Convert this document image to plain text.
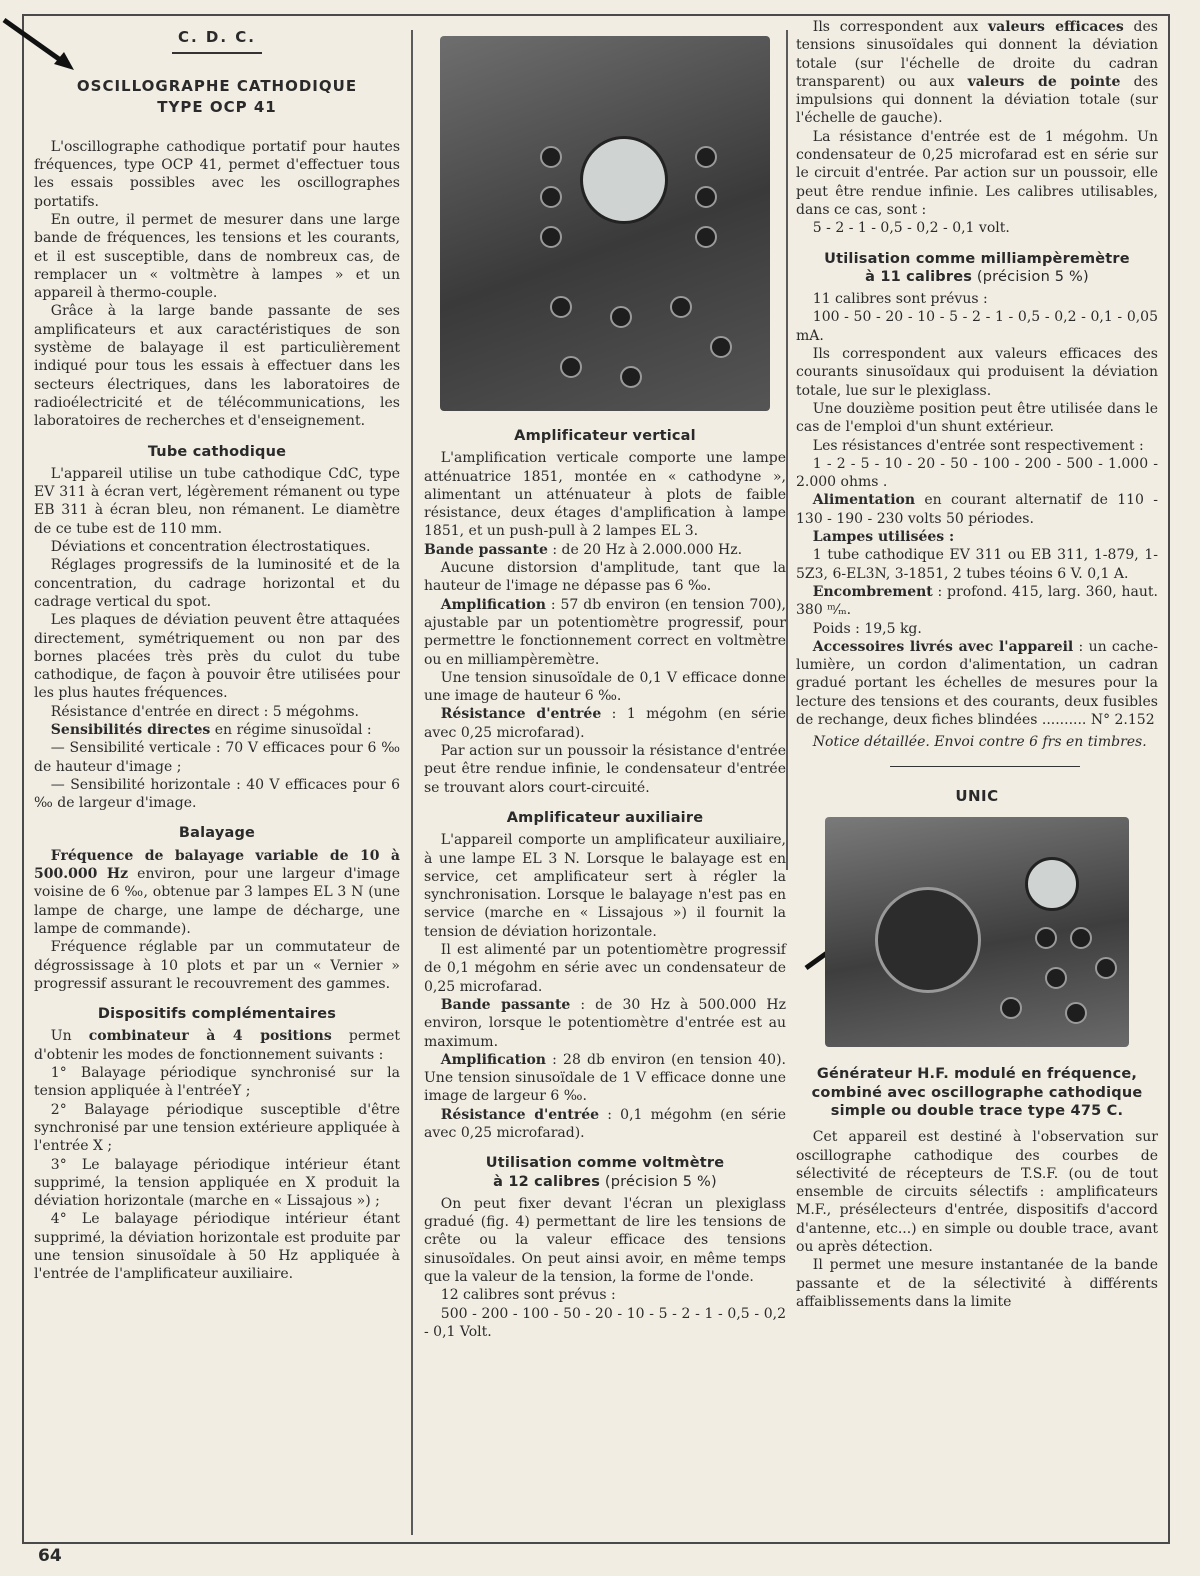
C. D. C.
OSCILLOGRAPHE CATHODIQUE
TYPE OCP 41

L'oscillographe cathodique portatif pour hautes fréquences, type OCP 41, permet d'effectuer tous les essais possibles avec les oscillographes portatifs.

En outre, il permet de mesurer dans une large bande de fréquences, les tensions et les courants, et il est susceptible, dans de nombreux cas, de remplacer un « voltmètre à lampes » et un appareil à thermo-couple.

Grâce à la large bande passante de ses amplificateurs et aux caractéristiques de son système de balayage il est particulièrement indiqué pour tous les essais à effectuer dans les secteurs électriques, dans les laboratoires de radioélectricité et de télécommunications, les laboratoires de recherches et d'enseignement.

Tube cathodique

L'appareil utilise un tube cathodique CdC, type EV 311 à écran vert, légèrement rémanent ou type EB 311 à écran bleu, non rémanent. Le diamètre de ce tube est de 110 mm.

Déviations et concentration électrostatiques.

Réglages progressifs de la luminosité et de la concentration, du cadrage horizontal et du cadrage vertical du spot.

Les plaques de déviation peuvent être attaquées directement, symétriquement ou non par des bornes placées très près du culot du tube cathodique, de façon à pouvoir être utilisées pour les plus hautes fréquences.

Résistance d'entrée en direct : 5 mégohms.

Sensibilités directes en régime sinusoïdal :

— Sensibilité verticale : 70 V efficaces pour 6 ‰ de hauteur d'image ;

— Sensibilité horizontale : 40 V efficaces pour 6 ‰ de largeur d'image.

Balayage

Fréquence de balayage variable de 10 à 500.000 Hz environ, pour une largeur d'image voisine de 6 ‰, obtenue par 3 lampes EL 3 N (une lampe de charge, une lampe de décharge, une lampe de commande).

Fréquence réglable par un commutateur de dégrossissage à 10 plots et par un « Vernier » progressif assurant le recouvrement des gammes.

Dispositifs complémentaires

Un combinateur à 4 positions permet d'obtenir les modes de fonctionnement suivants :

1° Balayage périodique synchronisé sur la tension appliquée à l'entréeY ;

2° Balayage périodique susceptible d'être synchronisé par une tension extérieure appliquée à l'entrée X ;

3° Le balayage périodique intérieur étant supprimé, la tension appliquée en X produit la déviation horizontale (marche en « Lissajous ») ;

4° Le balayage périodique intérieur étant supprimé, la déviation horizontale est produite par une tension sinusoïdale à 50 Hz appliquée à l'entrée de l'amplificateur auxiliaire.

Amplificateur vertical

L'amplification verticale comporte une lampe atténuatrice 1851, montée en « cathodyne », alimentant un atténuateur à plots de faible résistance, deux étages d'amplification à lampe 1851, et un push-pull à 2 lampes EL 3.

Bande passante : de 20 Hz à 2.000.000 Hz.

Aucune distorsion d'amplitude, tant que la hauteur de l'image ne dépasse pas 6 ‰.

Amplification : 57 db environ (en tension 700), ajustable par un potentiomètre progressif, pour permettre le fonctionnement correct en voltmètre ou en milliampèremètre.

Une tension sinusoïdale de 0,1 V efficace donne une image de hauteur 6 ‰.

Résistance d'entrée : 1 mégohm (en série avec 0,25 microfarad).

Par action sur un poussoir la résistance d'entrée peut être rendue infinie, le condensateur d'entrée se trouvant alors court-circuité.

Amplificateur auxiliaire

L'appareil comporte un amplificateur auxiliaire, à une lampe EL 3 N. Lorsque le balayage est en service, cet amplificateur sert à régler la synchronisation. Lorsque le balayage n'est pas en service (marche en « Lissajous ») il fournit la tension de déviation horizontale.

Il est alimenté par un potentiomètre progressif de 0,1 mégohm en série avec un condensateur de 0,25 microfarad.

Bande passante : de 30 Hz à 500.000 Hz environ, lorsque le potentiomètre d'entrée est au maximum.

Amplification : 28 db environ (en tension 40). Une tension sinusoïdale de 1 V efficace donne une image de largeur 6 ‰.

Résistance d'entrée : 0,1 mégohm (en série avec 0,25 microfarad).

Utilisation comme voltmètre
à 12 calibres (précision 5 %)

On peut fixer devant l'écran un plexiglass gradué (fig. 4) permettant de lire les tensions de crête ou la valeur efficace des tensions sinusoïdales. On peut ainsi avoir, en même temps que la valeur de la tension, la forme de l'onde.

12 calibres sont prévus :

500 - 200 - 100 - 50 - 20 - 10 - 5 - 2 - 1 - 0,5 - 0,2 - 0,1 Volt.

Ils correspondent aux valeurs efficaces des tensions sinusoïdales qui donnent la déviation totale (sur l'échelle de droite du cadran transparent) ou aux valeurs de pointe des impulsions qui donnent la déviation totale (sur l'échelle de gauche).

La résistance d'entrée est de 1 mégohm. Un condensateur de 0,25 microfarad est en série sur le circuit d'entrée. Par action sur un poussoir, elle peut être rendue infinie. Les calibres utilisables, dans ce cas, sont :

5 - 2 - 1 - 0,5 - 0,2 - 0,1 volt.

Utilisation comme milliampèremètre
à 11 calibres (précision 5 %)

11 calibres sont prévus :

100 - 50 - 20 - 10 - 5 - 2 - 1 - 0,5 - 0,2 - 0,1 - 0,05 mA.

Ils correspondent aux valeurs efficaces des courants sinusoïdaux qui produisent la déviation totale, lue sur le plexiglass.

Une douzième position peut être utilisée dans le cas de l'emploi d'un shunt extérieur.

Les résistances d'entrée sont respectivement :

1 - 2 - 5 - 10 - 20 - 50 - 100 - 200 - 500 - 1.000 - 2.000 ohms .

Alimentation en courant alternatif de 110 - 130 - 190 - 230 volts 50 périodes.

Lampes utilisées :

1 tube cathodique EV 311 ou EB 311, 1-879, 1-5Z3, 6-EL3N, 3-1851, 2 tubes téoins 6 V. 0,1 A.

Encombrement : profond. 415, larg. 360, haut. 380 ᵐ⁄ₘ.

Poids : 19,5 kg.

Accessoires livrés avec l'appareil : un cache-lumière, un cordon d'alimentation, un cadran gradué portant les échelles de mesures pour la lecture des tensions et des courants, deux fusibles de rechange, deux fiches blindées .......... N° 2.152

Notice détaillée. Envoi contre 6 frs en timbres.

UNIC
Générateur H.F. modulé en fréquence, combiné avec oscillographe cathodique simple ou double trace type 475 C.

Cet appareil est destiné à l'observation sur oscillographe cathodique des courbes de sélectivité de récepteurs de T.S.F. (ou de tout ensemble de circuits sélectifs : amplificateurs M.F., présélecteurs d'entrée, dispositifs d'accord d'antenne, etc...) en simple ou double trace, avant ou après détection.

Il permet une mesure instantanée de la bande passante et de la sélectivité à différents affaiblissements dans la limite

64
